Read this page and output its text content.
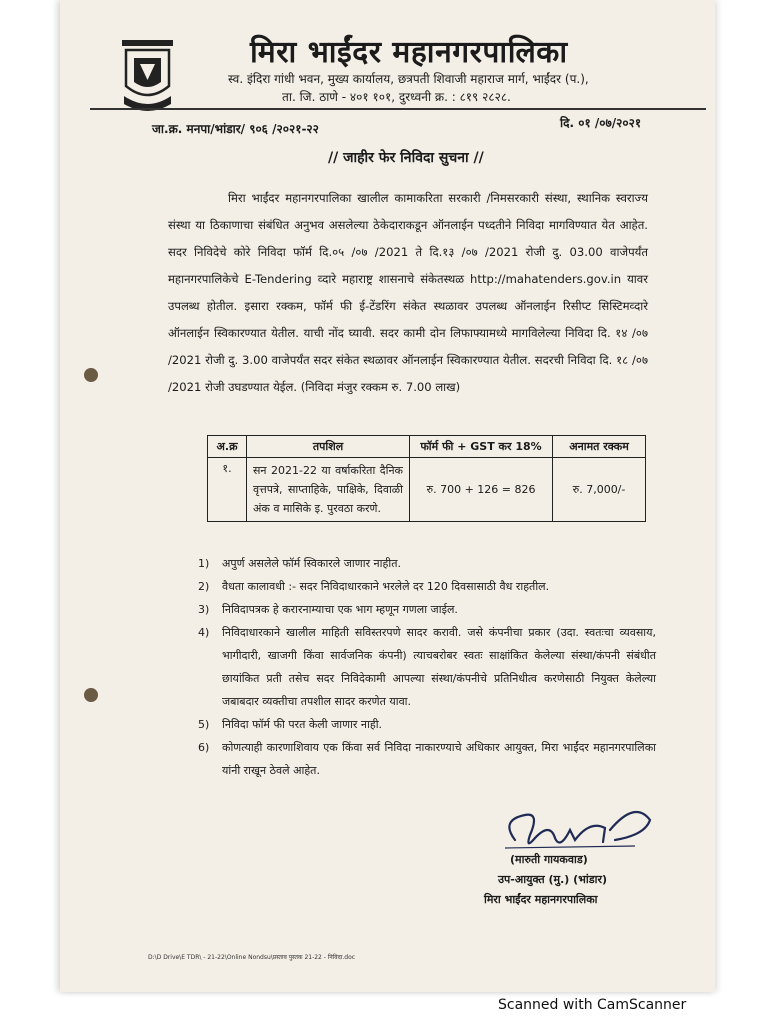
मिरा भाईंदर महानगरपालिका
स्व. इंदिरा गांधी भवन, मुख्य कार्यालय, छत्रपती शिवाजी महाराज मार्ग, भाईंदर (प.),
ता. जि. ठाणे - ४०१ १०१, दुरध्वनी क्र. : ८१९ २८२८.
जा.क्र. मनपा/भांडार/ ९०६ /२०२१-२२	दि. ०१ /०७/२०२१
// जाहीर फेर निविदा सुचना //
मिरा भाईंदर महानगरपालिका खालील कामाकरिता सरकारी /निमसरकारी संस्था, स्थानिक स्वराज्य संस्था या ठिकाणाचा संबंधित अनुभव असलेल्या ठेकेदाराकडून ऑनलाईन पध्दतीने निविदा मागविण्यात येत आहेत. सदर निविदेचे कोरे निविदा फॉर्म दि.०५ /०७ /2021 ते दि.१३ /०७ /2021 रोजी दु. 03.00 वाजेपर्यंत महानगरपालिकेचे E-Tendering व्दारे महाराष्ट्र शासनाचे संकेतस्थळ http://mahatenders.gov.in यावर उपलब्ध होतील. इसारा रक्कम, फॉर्म फी ई-टेंडरिंग संकेत स्थळावर उपलब्ध ऑनलाईन रिसीप्ट सिस्टिमव्दारे ऑनलाईन स्विकारण्यात येतील. याची नोंद घ्यावी. सदर कामी दोन लिफाफ्यामध्ये मागविलेल्या निविदा दि. १४ /०७ /2021 रोजी दु. 3.00 वाजेपर्यंत सदर संकेत स्थळावर ऑनलाईन स्विकारण्यात येतील. सदरची निविदा दि. १८ /०७ /2021 रोजी उघडण्यात येईल. (निविदा मंजुर रक्कम रु. 7.00 लाख)
अ.क्र	तपशिल	फॉर्म फी + GST कर 18%	अनामत रक्कम
१.	सन 2021-22 या वर्षाकरिता दैनिक वृत्तपत्रे, साप्ताहिके, पाक्षिके, दिवाळी अंक व मासिके इ. पुरवठा करणे.	रु. 700 + 126 = 826	रु. 7,000/-
1) अपुर्ण असलेले फॉर्म स्विकारले जाणार नाहीत.
2) वैधता कालावधी :- सदर निविदाधारकाने भरलेले दर 120 दिवसासाठी वैध राहतील.
3) निविदापत्रक हे करारनाम्याचा एक भाग म्हणून गणला जाईल.
4) निविदाधारकाने खालील माहिती सविस्तरपणे सादर करावी. जसे कंपनीचा प्रकार (उदा. स्वतःचा व्यवसाय, भागीदारी, खाजगी किंवा सार्वजनिक कंपनी) त्याचबरोबर स्वतः साक्षांकित केलेल्या संस्था/कंपनी संबंधीत छायांकित प्रती तसेच सदर निविदेकामी आपल्या संस्था/कंपनीचे प्रतिनिधीत्व करणेसाठी नियुक्त केलेल्या जबाबदार व्यक्तीचा तपशील सादर करणेत यावा.
5) निविदा फॉर्म फी परत केली जाणार नाही.
6) कोणत्याही कारणाशिवाय एक किंवा सर्व निविदा नाकारण्याचे अधिकार आयुक्त, मिरा भाईंदर महानगरपालिका यांनी राखून ठेवले आहेत.
(मारुती गायकवाड)
उप-आयुक्त (मु.) (भांडार)
मिरा भाईंदर महानगरपालिका
D:\D Drive\E TDR\ - 21-22\Online Nondsu\प्रस्ताव पुस्तक 21-22 - निविदा.doc
Scanned with CamScanner
